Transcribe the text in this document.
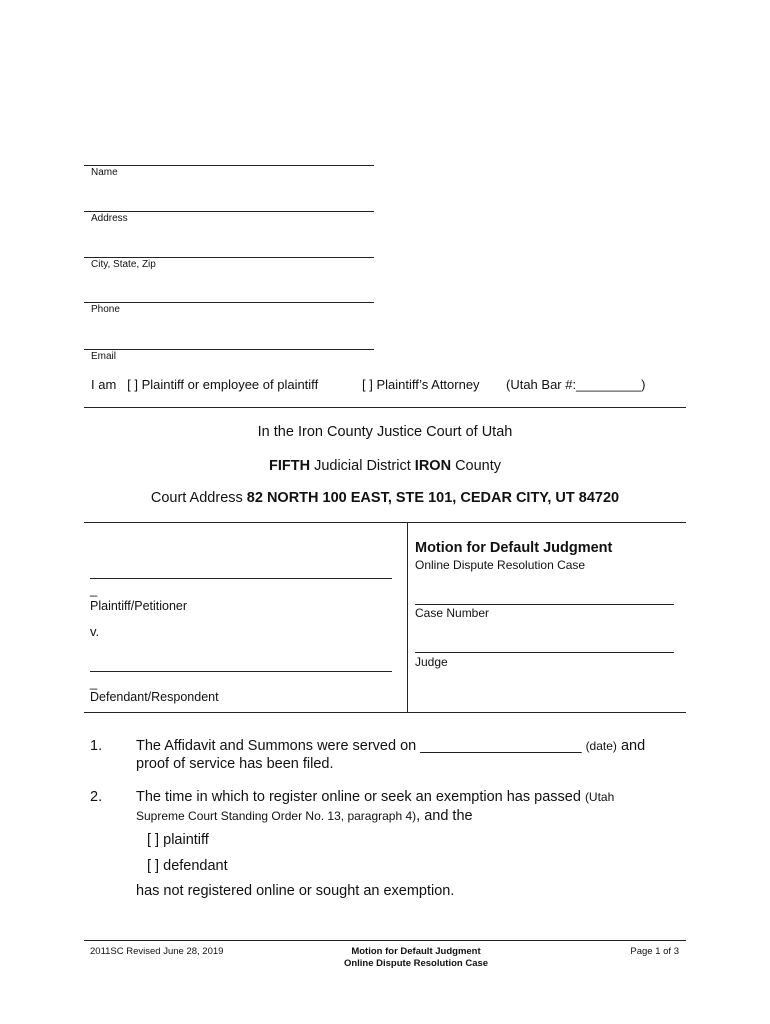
Name
Address
City, State, Zip
Phone
Email
I am [ ] Plaintiff or employee of plaintiff	[ ] Plaintiff’s Attorney (Utah Bar #:_________)
In the Iron County Justice Court of Utah
FIFTH Judicial District IRON County
Court Address 82 NORTH 100 EAST, STE 101, CEDAR CITY, UT 84720
_
Plaintiff/Petitioner
v.
_
Defendant/Respondent
Motion for Default Judgment
Online Dispute Resolution Case
Case Number
Judge
1. The Affidavit and Summons were served on ____________________ (date) and
proof of service has been filed.
2. The time in which to register online or seek an exemption has passed (Utah
Supreme Court Standing Order No. 13, paragraph 4), and the
[ ] plaintiff
[ ] defendant
has not registered online or sought an exemption.
2011SC Revised June 28, 2019	Motion for Default Judgment
Online Dispute Resolution Case
Page 1 of 3
